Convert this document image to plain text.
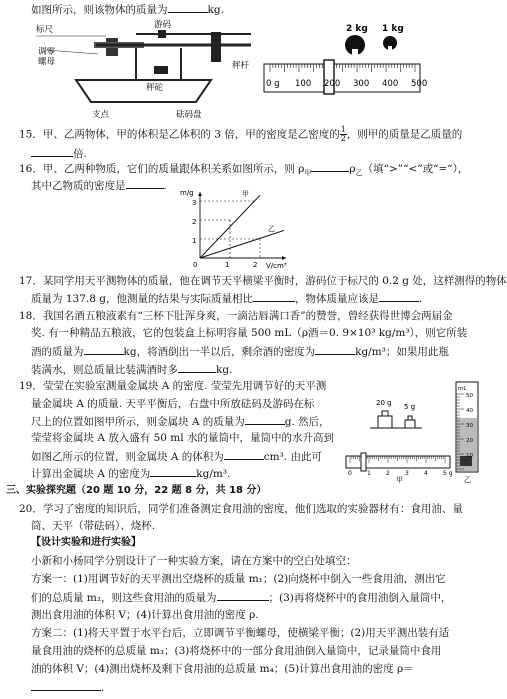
如图所示，则该物体的质量为	kg.
标尺	游码
调零
螺母
支点	砝码盘
秤杆
秤砣
2 kg 1 kg
0 g 100 200 300 400 500
15．甲、乙两物体，甲的体积是乙体积的 3 倍，甲的密度是乙密度的 $\frac{1}{2}$ ，则甲的质量是乙质量的
倍.
16．甲、乙两种物质，它们的质量跟体积关系如图所示，则 $\rho_甲$	$\rho_乙$（填“>”“<”或“=”），
其中乙物质的密度是	.
m/g
V/cm³
1
2
3
0	1	2
甲
乙
17．某同学用天平测物体的质量，他在调节天平横梁平衡时，游码位于标尺的 0.2 g 处，这样测得的物体
质量为 137.8 g，他测量的结果与实际质量相比	，物体质量应该是	.
18．我国名酒五粮液素有“三杯下肚浑身爽，一滴沾唇满口香”的赞誉，曾经获得世博会两届金
奖. 有一种精品五粮液，它的包装盒上标明容量 500 mL（ρ酒＝0. 9×10³ kg/m³），则它所装
酒的质量为	kg，将酒倒出一半以后，剩余酒的密度为	kg/m³；如果用此瓶
装满水，则总质量比装满酒时多	kg.
19．莹莹在实验室测量金属块 A 的密度. 莹莹先用调节好的天平测
量金属块 A 的质量. 天平平衡后，右盘中所放砝码及游码在标
尺上的位置如图甲所示，则金属块 A 的质量为	g. 然后，
莹莹将金属块 A 放入盛有 50 ml 水的量筒中，量筒中的水升高到
如图乙所示的位置，则金属块 A 的体积为	cm³. 由此可
计算出金属块 A 的密度为	kg/m³.
20 g 5 g
0	1	2	3	4	5 g
甲
50
40
30
20
10
mL
乙
三、实验探究题（20 题 10 分，22 题 8 分，共 18 分）
20．学习了密度的知识后，同学们准备测定食用油的密度，他们选取的实验器材有：食用油、量
筒、天平（带砝码）、烧杯.
【设计实验和进行实验】
小新和小杨同学分别设计了一种实验方案，请在方案中的空白处填空：
方案一：(1)用调节好的天平测出空烧杯的质量 m₁；(2)向烧杯中倒入一些食用油，测出它
们的总质量 m₂，则这些食用油的质量为	；(3)再将烧杯中的食用油倒入量筒中，
测出食用油的体积 V；(4)计算出食用油的密度 ρ.
方案二：(1)将天平置于水平台后，立即调节平衡螺母，使横梁平衡；(2)用天平测出装有适
量食用油的烧杯的总质量 m₃；(3)将烧杯中的一部分食用油倒入量筒中，记录量筒中食用
油的体积 V；(4)测出烧杯及剩下食用油的总质量 m₄；(5)计算出食用油的密度 ρ＝
.
